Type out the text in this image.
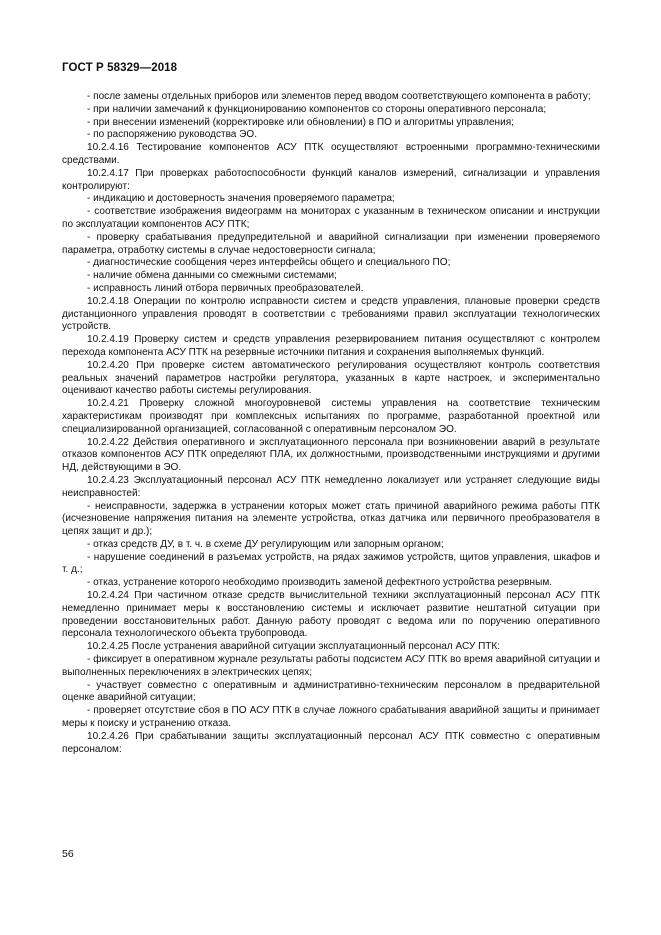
ГОСТ Р 58329—2018

- после замены отдельных приборов или элементов перед вводом соответствующего компонента в работу;

- при наличии замечаний к функционированию компонентов со стороны оперативного персонала;

- при внесении изменений (корректировке или обновлении) в ПО и алгоритмы управления;

- по распоряжению руководства ЭО.

10.2.4.16 Тестирование компонентов АСУ ПТК осуществляют встроенными программно-техническими средствами.

10.2.4.17 При проверках работоспособности функций каналов измерений, сигнализации и управления контролируют:

- индикацию и достоверность значения проверяемого параметра;

- соответствие изображения видеограмм на мониторах с указанным в техническом описании и инструкции по эксплуатации компонентов АСУ ПТК;

- проверку срабатывания предупредительной и аварийной сигнализации при изменении проверяемого параметра, отработку системы в случае недостоверности сигнала;

- диагностические сообщения через интерфейсы общего и специального ПО;

- наличие обмена данными со смежными системами;

- исправность линий отбора первичных преобразователей.

10.2.4.18 Операции по контролю исправности систем и средств управления, плановые проверки средств дистанционного управления проводят в соответствии с требованиями правил эксплуатации технологических устройств.

10.2.4.19 Проверку систем и средств управления резервированием питания осуществляют с контролем перехода компонента АСУ ПТК на резервные источники питания и сохранения выполняемых функций.

10.2.4.20 При проверке систем автоматического регулирования осуществляют контроль соответствия реальных значений параметров настройки регулятора, указанных в карте настроек, и экспериментально оценивают качество работы системы регулирования.

10.2.4.21 Проверку сложной многоуровневой системы управления на соответствие техническим характеристикам производят при комплексных испытаниях по программе, разработанной проектной или специализированной организацией, согласованной с оперативным персоналом ЭО.

10.2.4.22 Действия оперативного и эксплуатационного персонала при возникновении аварий в результате отказов компонентов АСУ ПТК определяют ПЛА, их должностными, производственными инструкциями и другими НД, действующими в ЭО.

10.2.4.23 Эксплуатационный персонал АСУ ПТК немедленно локализует или устраняет следующие виды неисправностей:

- неисправности, задержка в устранении которых может стать причиной аварийного режима работы ПТК (исчезновение напряжения питания на элементе устройства, отказ датчика или первичного преобразователя в цепях защит и др.);

- отказ средств ДУ, в т. ч. в схеме ДУ регулирующим или запорным органом;

- нарушение соединений в разъемах устройств, на рядах зажимов устройств, щитов управления, шкафов и т. д.;

- отказ, устранение которого необходимо производить заменой дефектного устройства резервным.

10.2.4.24 При частичном отказе средств вычислительной техники эксплуатационный персонал АСУ ПТК немедленно принимает меры к восстановлению системы и исключает развитие нештатной ситуации при проведении восстановительных работ. Данную работу проводят с ведома или по поручению оперативного персонала технологического объекта трубопровода.

10.2.4.25 После устранения аварийной ситуации эксплуатационный персонал АСУ ПТК:

- фиксирует в оперативном журнале результаты работы подсистем АСУ ПТК во время аварийной ситуации и выполненных переключениях в электрических цепях;

- участвует совместно с оперативным и административно-техническим персоналом в предварительной оценке аварийной ситуации;

- проверяет отсутствие сбоя в ПО АСУ ПТК в случае ложного срабатывания аварийной защиты и принимает меры к поиску и устранению отказа.

10.2.4.26 При срабатывании защиты эксплуатационный персонал АСУ ПТК совместно с оперативным персоналом:

56
